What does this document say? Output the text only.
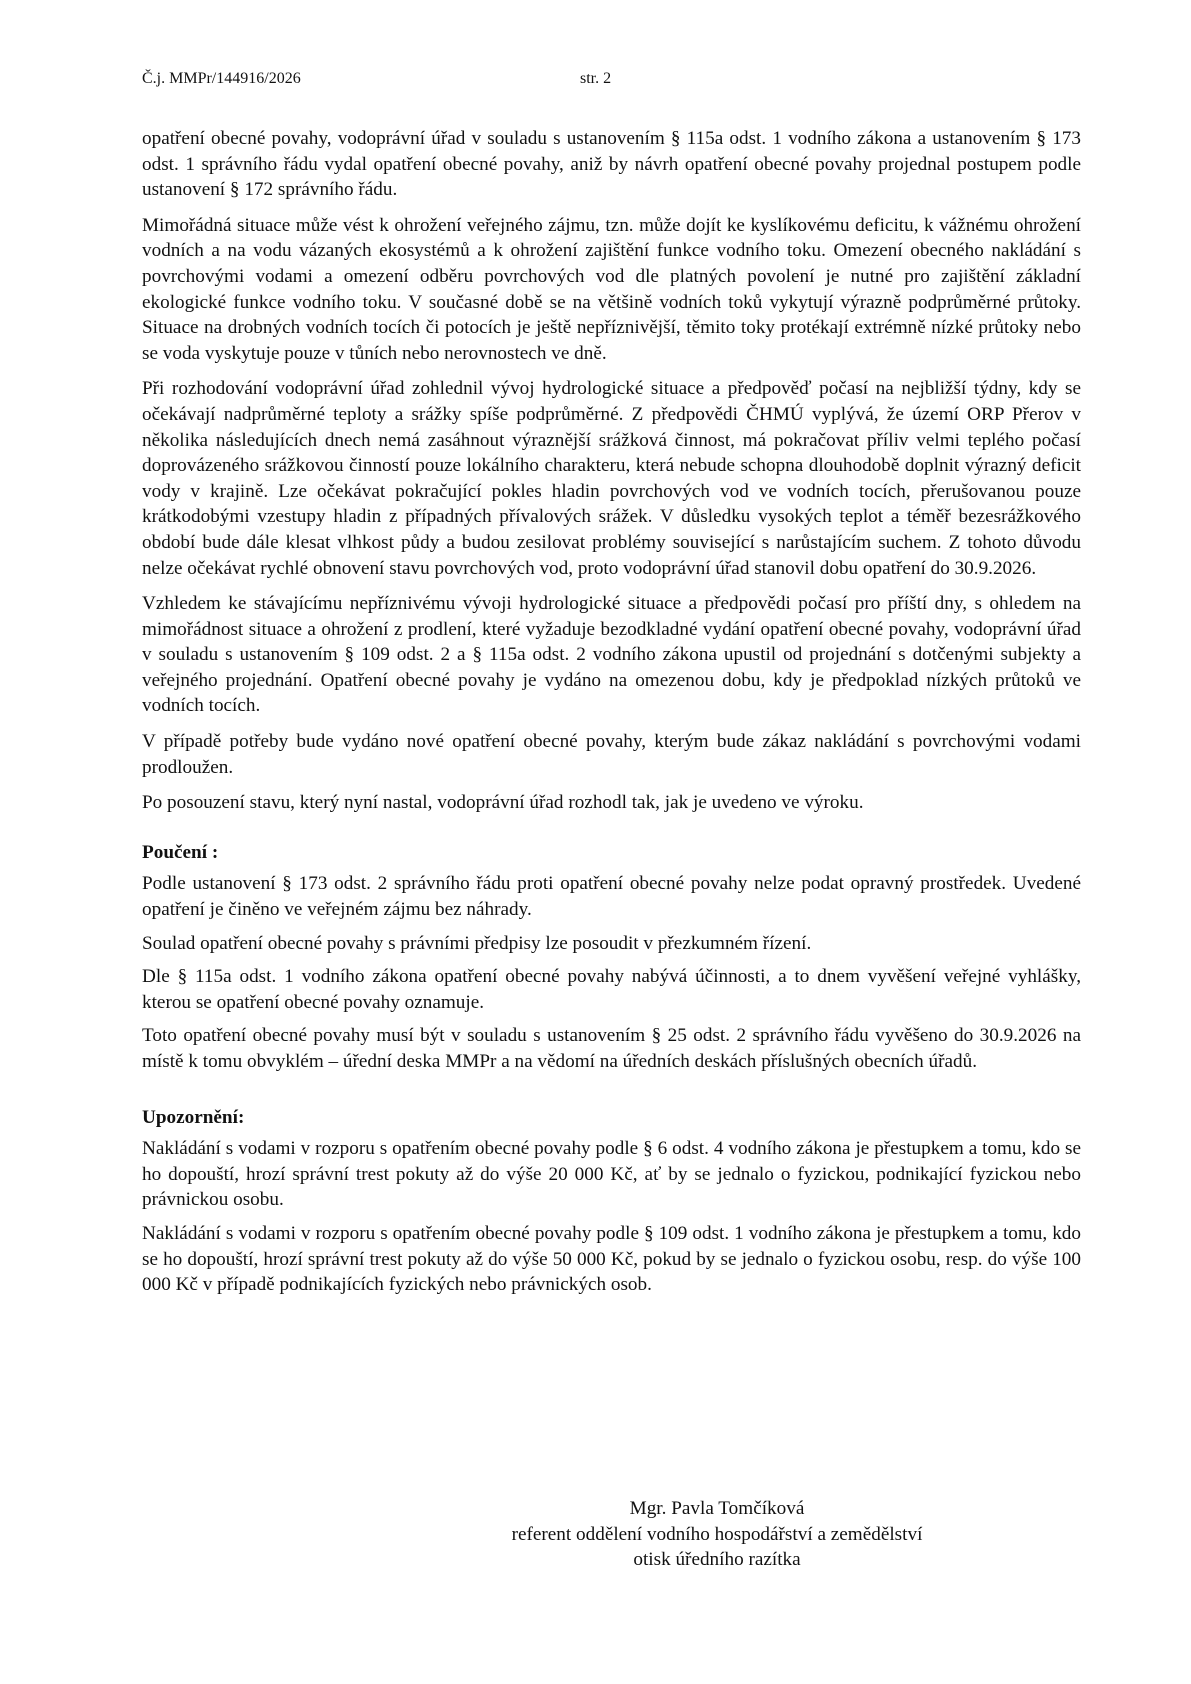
Č.j. MMPr/144916/2026	str. 2

opatření obecné povahy, vodoprávní úřad v souladu s ustanovením § 115a odst. 1 vodního zákona a ustanovením § 173 odst. 1 správního řádu vydal opatření obecné povahy, aniž by návrh opatření obecné povahy projednal postupem podle ustanovení § 172 správního řádu.

Mimořádná situace může vést k ohrožení veřejného zájmu, tzn. může dojít ke kyslíkovému deficitu, k vážnému ohrožení vodních a na vodu vázaných ekosystémů a k ohrožení zajištění funkce vodního toku. Omezení obecného nakládání s povrchovými vodami a omezení odběru povrchových vod dle platných povolení je nutné pro zajištění základní ekologické funkce vodního toku. V současné době se na většině vodních toků vykytují výrazně podprůměrné průtoky. Situace na drobných vodních tocích či potocích je ještě nepříznivější, těmito toky protékají extrémně nízké průtoky nebo se voda vyskytuje pouze v tůních nebo nerovnostech ve dně.

Při rozhodování vodoprávní úřad zohlednil vývoj hydrologické situace a předpověď počasí na nejbližší týdny, kdy se očekávají nadprůměrné teploty a srážky spíše podprůměrné. Z předpovědi ČHMÚ vyplývá, že území ORP Přerov v několika následujících dnech nemá zasáhnout výraznější srážková činnost, má pokračovat příliv velmi teplého počasí doprovázeného srážkovou činností pouze lokálního charakteru, která nebude schopna dlouhodobě doplnit výrazný deficit vody v krajině. Lze očekávat pokračující pokles hladin povrchových vod ve vodních tocích, přerušovanou pouze krátkodobými vzestupy hladin z případných přívalových srážek. V důsledku vysokých teplot a téměř bezesrážkového období bude dále klesat vlhkost půdy a budou zesilovat problémy související s narůstajícím suchem. Z tohoto důvodu nelze očekávat rychlé obnovení stavu povrchových vod, proto vodoprávní úřad stanovil dobu opatření do 30.9.2026.

Vzhledem ke stávajícímu nepříznivému vývoji hydrologické situace a předpovědi počasí pro příští dny, s ohledem na mimořádnost situace a ohrožení z prodlení, které vyžaduje bezodkladné vydání opatření obecné povahy, vodoprávní úřad v souladu s ustanovením § 109 odst. 2 a § 115a odst. 2 vodního zákona upustil od projednání s dotčenými subjekty a veřejného projednání. Opatření obecné povahy je vydáno na omezenou dobu, kdy je předpoklad nízkých průtoků ve vodních tocích.

V případě potřeby bude vydáno nové opatření obecné povahy, kterým bude zákaz nakládání s povrchovými vodami prodloužen.

Po posouzení stavu, který nyní nastal, vodoprávní úřad rozhodl tak, jak je uvedeno ve výroku.

Poučení :

Podle ustanovení § 173 odst. 2 správního řádu proti opatření obecné povahy nelze podat opravný prostředek. Uvedené opatření je činěno ve veřejném zájmu bez náhrady.

Soulad opatření obecné povahy s právními předpisy lze posoudit v přezkumném řízení.

Dle § 115a odst. 1 vodního zákona opatření obecné povahy nabývá účinnosti, a to dnem vyvěšení veřejné vyhlášky, kterou se opatření obecné povahy oznamuje.

Toto opatření obecné povahy musí být v souladu s ustanovením § 25 odst. 2 správního řádu vyvěšeno do 30.9.2026 na místě k tomu obvyklém – úřední deska MMPr a na vědomí na úředních deskách příslušných obecních úřadů.

Upozornění:

Nakládání s vodami v rozporu s opatřením obecné povahy podle § 6 odst. 4 vodního zákona je přestupkem a tomu, kdo se ho dopouští, hrozí správní trest pokuty až do výše 20 000 Kč, ať by se jednalo o fyzickou, podnikající fyzickou nebo právnickou osobu.

Nakládání s vodami v rozporu s opatřením obecné povahy podle § 109 odst. 1 vodního zákona je přestupkem a tomu, kdo se ho dopouští, hrozí správní trest pokuty až do výše 50 000 Kč, pokud by se jednalo o fyzickou osobu, resp. do výše 100 000 Kč v případě podnikajících fyzických nebo právnických osob.

Mgr. Pavla Tomčíková
referent oddělení vodního hospodářství a zemědělství
otisk úředního razítka
